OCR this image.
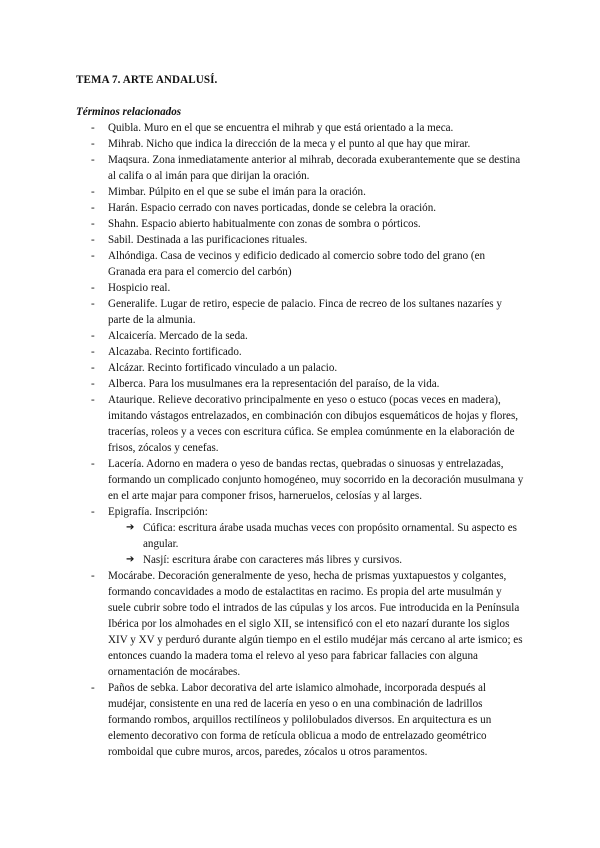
TEMA 7. ARTE ANDALUSÍ.
Términos relacionados
- Quibla. Muro en el que se encuentra el mihrab y que está orientado a la meca.
- Mihrab. Nicho que indica la dirección de la meca y el punto al que hay que mirar.
- Maqsura. Zona inmediatamente anterior al mihrab, decorada exuberantemente que se destina al califa o al imán para que dirijan la oración.
- Mimbar. Púlpito en el que se sube el imán para la oración.
- Harán. Espacio cerrado con naves porticadas, donde se celebra la oración.
- Shahn. Espacio abierto habitualmente con zonas de sombra o pórticos.
- Sabil. Destinada a las purificaciones rituales.
- Alhóndiga. Casa de vecinos y edificio dedicado al comercio sobre todo del grano (en Granada era para el comercio del carbón)
- Hospicio real.
- Generalife. Lugar de retiro, especie de palacio. Finca de recreo de los sultanes nazaríes y parte de la almunia.
- Alcaicería. Mercado de la seda.
- Alcazaba. Recinto fortificado.
- Alcázar. Recinto fortificado vinculado a un palacio.
- Alberca. Para los musulmanes era la representación del paraíso, de la vida.
- Ataurique. Relieve decorativo principalmente en yeso o estuco (pocas veces en madera), imitando vástagos entrelazados, en combinación con dibujos esquemáticos de hojas y flores, tracerías, roleos y a veces con escritura cúfica. Se emplea comúnmente en la elaboración de frisos, zócalos y cenefas.
- Lacería. Adorno en madera o yeso de bandas rectas, quebradas o sinuosas y entrelazadas, formando un complicado conjunto homogéneo, muy socorrido en la decoración musulmana y en el arte majar para componer frisos, harneruelos, celosías y al larges.
- Epigrafía. Inscripción:
➔ Cúfica: escritura árabe usada muchas veces con propósito ornamental. Su aspecto es angular.
➔ Nasjí: escritura árabe con caracteres más libres y cursivos.
- Mocárabe. Decoración generalmente de yeso, hecha de prismas yuxtapuestos y colgantes, formando concavidades a modo de estalactitas en racimo. Es propia del arte musulmán y suele cubrir sobre todo el intrados de las cúpulas y los arcos. Fue introducida en la Península Ibérica por los almohades en el siglo XII, se intensificó con el eto nazarí durante los siglos XIV y XV y perduró durante algún tiempo en el estilo mudéjar más cercano al arte ismico; es entonces cuando la madera toma el relevo al yeso para fabricar fallacies con alguna ornamentación de mocárabes.
- Paños de sebka. Labor decorativa del arte islamico almohade, incorporada después al mudéjar, consistente en una red de lacería en yeso o en una combinación de ladrillos formando rombos, arquillos rectilíneos y polilobulados diversos. En arquitectura es un elemento decorativo con forma de retícula oblicua a modo de entrelazado geométrico romboidal que cubre muros, arcos, paredes, zócalos u otros paramentos.
